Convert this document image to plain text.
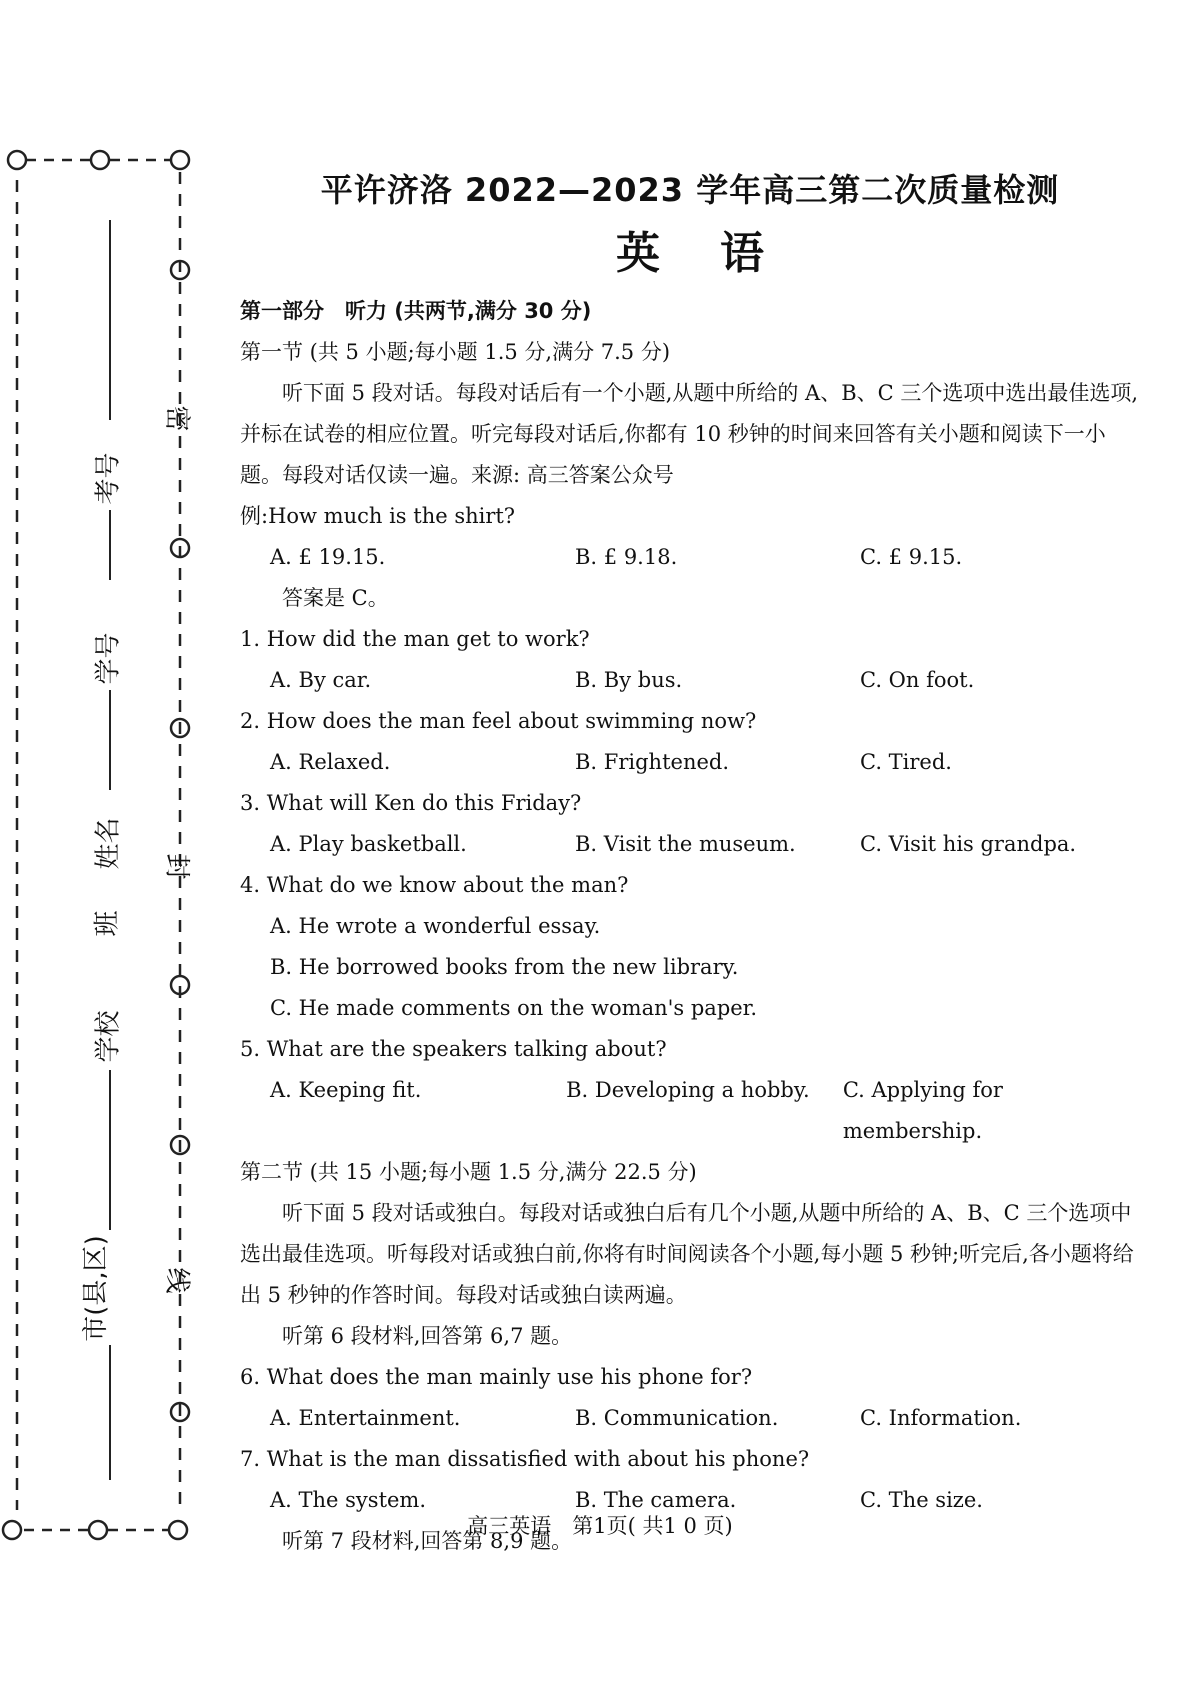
考号
学号
姓名
班
学校
市(县,区)
密
封
线
平许济洛 2022—2023 学年高三第二次质量检测
英语
第一部分　听力 (共两节,满分 30 分)
第一节 (共 5 小题;每小题 1.5 分,满分 7.5 分)

听下面 5 段对话。每段对话后有一个小题,从题中所给的 A、B、C 三个选项中选出最佳选项,并标在试卷的相应位置。听完每段对话后,你都有 10 秒钟的时间来回答有关小题和阅读下一小题。每段对话仅读一遍。来源: 高三答案公众号

例:How much is the shirt?
A. £ 19.15.	B. £ 9.18.	C. £ 9.15.
答案是 C。
1. How did the man get to work?
A. By car.	B. By bus.	C. On foot.
2. How does the man feel about swimming now?
A. Relaxed.	B. Frightened.	C. Tired.
3. What will Ken do this Friday?
A. Play basketball.	B. Visit the museum.	C. Visit his grandpa.
4. What do we know about the man?
A. He wrote a wonderful essay.
B. He borrowed books from the new library.
C. He made comments on the woman's paper.
5. What are the speakers talking about?
A. Keeping fit.	B. Developing a hobby.	C. Applying for membership.
第二节 (共 15 小题;每小题 1.5 分,满分 22.5 分)

听下面 5 段对话或独白。每段对话或独白后有几个小题,从题中所给的 A、B、C 三个选项中选出最佳选项。听每段对话或独白前,你将有时间阅读各个小题,每小题 5 秒钟;听完后,各小题将给出 5 秒钟的作答时间。每段对话或独白读两遍。

听第 6 段材料,回答第 6,7 题。
6. What does the man mainly use his phone for?
A. Entertainment.	B. Communication.	C. Information.
7. What is the man dissatisfied with about his phone?
A. The system.	B. The camera.	C. The size.
听第 7 段材料,回答第 8,9 题。
高三英语　第1页( 共1 0 页)
